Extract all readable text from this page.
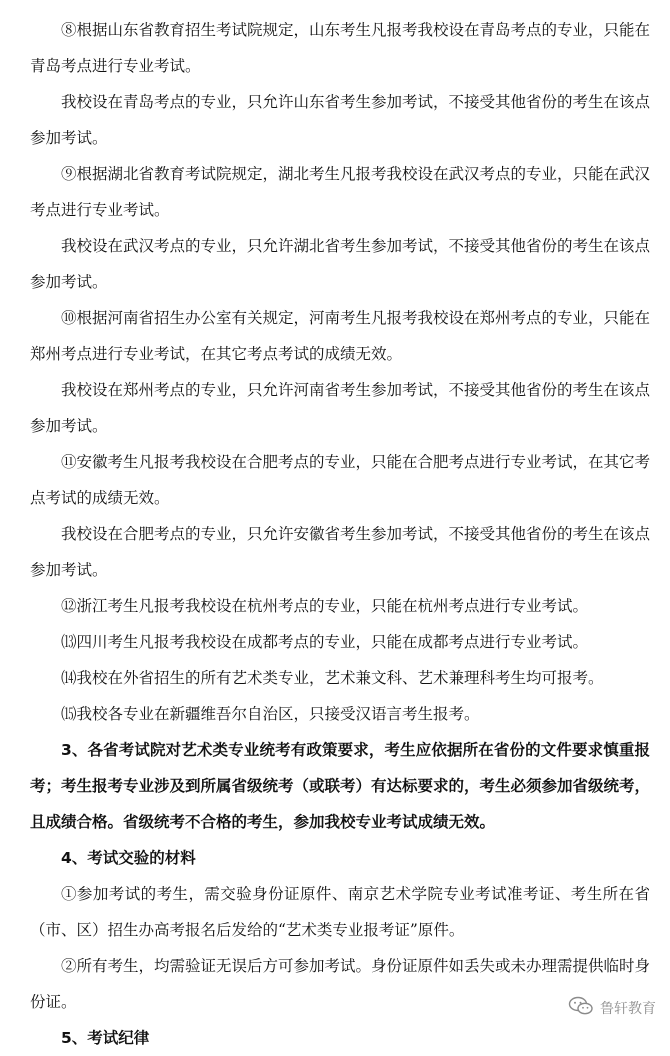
⑧根据山东省教育招生考试院规定，山东考生凡报考我校设在青岛考点的专业，只能在青岛考点进行专业考试。

我校设在青岛考点的专业，只允许山东省考生参加考试，不接受其他省份的考生在该点参加考试。

⑨根据湖北省教育考试院规定，湖北考生凡报考我校设在武汉考点的专业，只能在武汉考点进行专业考试。

我校设在武汉考点的专业，只允许湖北省考生参加考试，不接受其他省份的考生在该点参加考试。

⑩根据河南省招生办公室有关规定，河南考生凡报考我校设在郑州考点的专业，只能在郑州考点进行专业考试，在其它考点考试的成绩无效。

我校设在郑州考点的专业，只允许河南省考生参加考试，不接受其他省份的考生在该点参加考试。

⑪安徽考生凡报考我校设在合肥考点的专业，只能在合肥考点进行专业考试，在其它考点考试的成绩无效。

我校设在合肥考点的专业，只允许安徽省考生参加考试，不接受其他省份的考生在该点参加考试。

⑫浙江考生凡报考我校设在杭州考点的专业，只能在杭州考点进行专业考试。

⒀四川考生凡报考我校设在成都考点的专业，只能在成都考点进行专业考试。

⒁我校在外省招生的所有艺术类专业，艺术兼文科、艺术兼理科考生均可报考。

⒂我校各专业在新疆维吾尔自治区，只接受汉语言考生报考。

3、各省考试院对艺术类专业统考有政策要求，考生应依据所在省份的文件要求慎重报考；考生报考专业涉及到所属省级统考（或联考）有达标要求的，考生必须参加省级统考，且成绩合格。省级统考不合格的考生，参加我校专业考试成绩无效。

4、考试交验的材料

①参加考试的考生，需交验身份证原件、南京艺术学院专业考试准考证、考生所在省（市、区）招生办高考报名后发给的“艺术类专业报考证”原件。

②所有考生，均需验证无误后方可参加考试。身份证原件如丢失或未办理需提供临时身份证。

5、考试纪律

鲁轩教育
